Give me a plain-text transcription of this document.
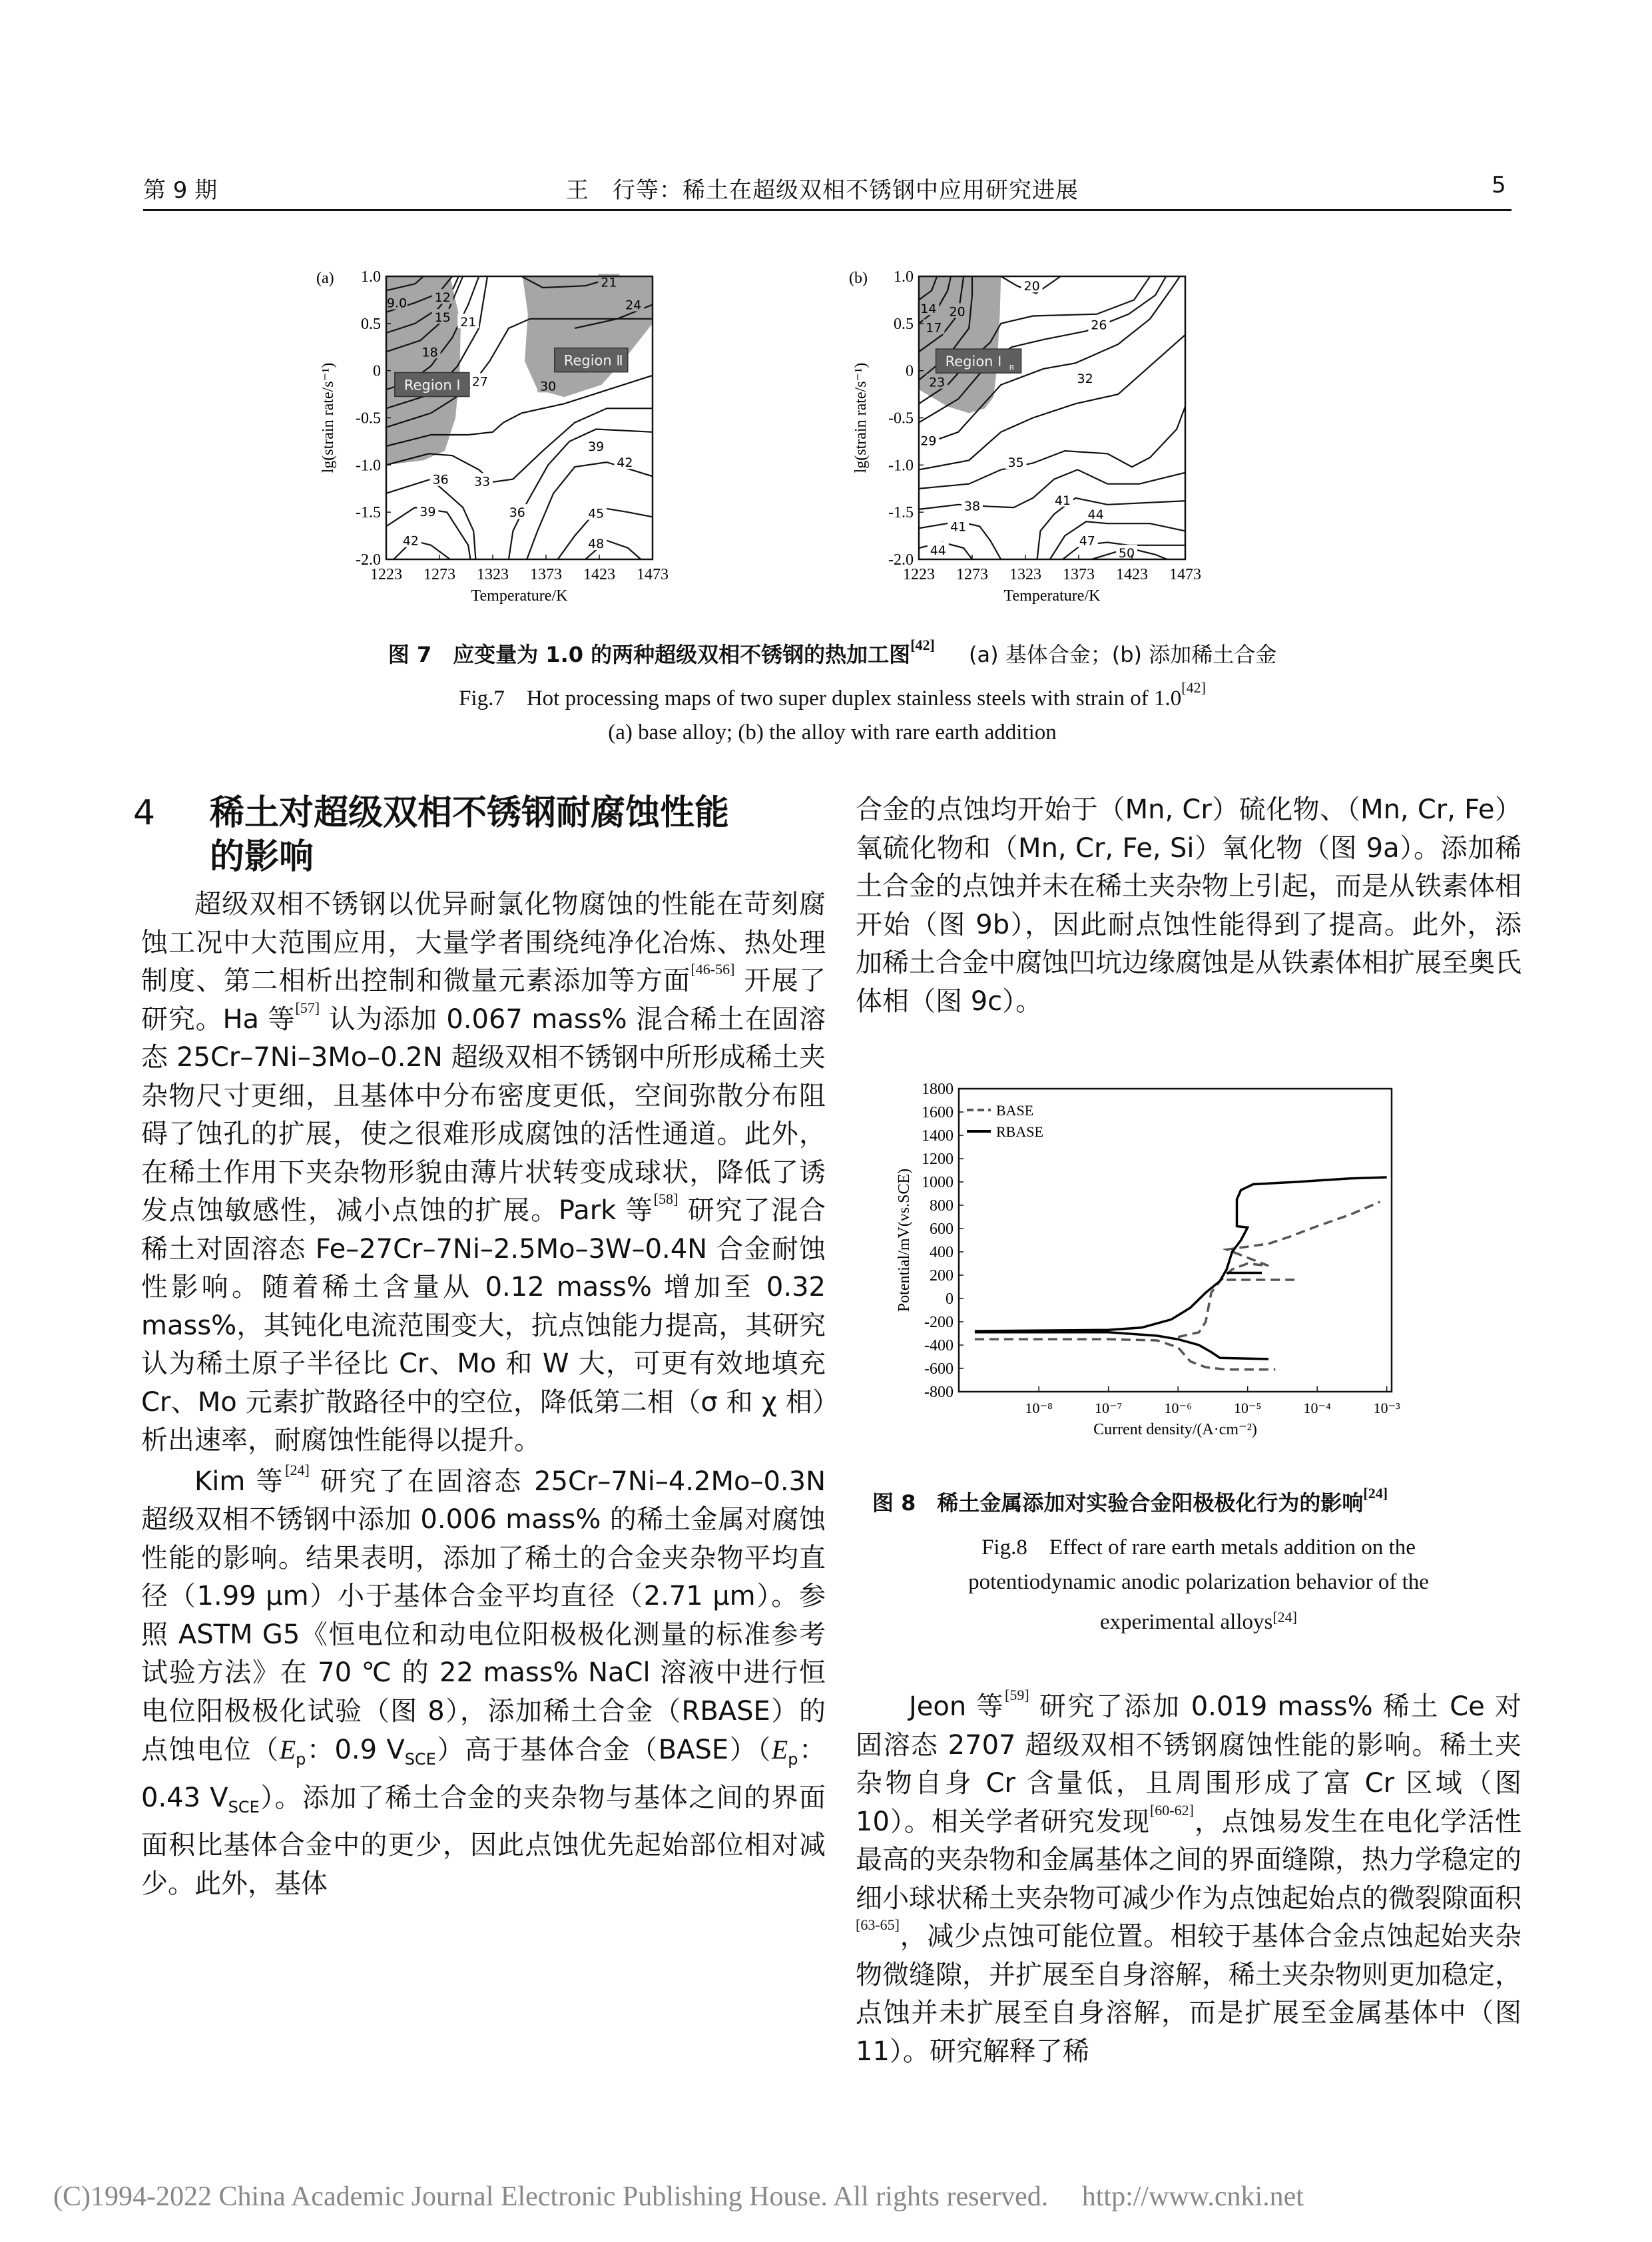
第 9 期	王　行等：稀土在超级双相不锈钢中应用研究进展	5
9.0 12
15
18
21
21
24
27	30
33
36
36
39
39
42
42
45
48
Region Ⅰ
Region Ⅱ
1223 1273 1323 1373 1423 1473
1.0
0.5
0
-0.5
-1.0
-1.5
-2.0
(a)
Temperature/K
lg(strain rate/s⁻¹)
14
17
20
23
20
26
29
32
35
38
41
41
44
44
47
50
Region Ⅰ R
1223 1273 1323 1373 1423 1473
1.0
0.5
0
-0.5
-1.0
-1.5
-2.0
(b)
Temperature/K
lg(strain rate/s⁻¹)
图 7　应变量为 1.0 的两种超级双相不锈钢的热加工图[42] (a) 基体合金；(b) 添加稀土合金
Fig.7　Hot processing maps of two super duplex stainless steels with strain of 1.0[42]
(a) base alloy; (b) the alloy with rare earth addition
4 稀土对超级双相不锈钢耐腐蚀性能
的影响

超级双相不锈钢以优异耐氯化物腐蚀的性能在苛刻腐蚀工况中大范围应用，大量学者围绕纯净化冶炼、热处理制度、第二相析出控制和微量元素添加等方面[46-56] 开展了研究。Ha 等[57] 认为添加 0.067 mass% 混合稀土在固溶态 25Cr–7Ni–3Mo–0.2N 超级双相不锈钢中所形成稀土夹杂物尺寸更细，且基体中分布密度更低，空间弥散分布阻碍了蚀孔的扩展，使之很难形成腐蚀的活性通道。此外，在稀土作用下夹杂物形貌由薄片状转变成球状，降低了诱发点蚀敏感性，减小点蚀的扩展。Park 等[58] 研究了混合稀土对固溶态 Fe–27Cr–7Ni–2.5Mo–3W–0.4N 合金耐蚀性影响。随着稀土含量从 0.12 mass% 增加至 0.32 mass%，其钝化电流范围变大，抗点蚀能力提高，其研究认为稀土原子半径比 Cr、Mo 和 W 大，可更有效地填充 Cr、Mo 元素扩散路径中的空位，降低第二相（σ 和 χ 相）析出速率，耐腐蚀性能得以提升。

Kim 等[24] 研究了在固溶态 25Cr–7Ni–4.2Mo–0.3N 超级双相不锈钢中添加 0.006 mass% 的稀土金属对腐蚀性能的影响。结果表明，添加了稀土的合金夹杂物平均直径（1.99 μm）小于基体合金平均直径（2.71 μm）。参照 ASTM G5《恒电位和动电位阳极极化测量的标准参考试验方法》在 70 ℃ 的 22 mass% NaCl 溶液中进行恒电位阳极极化试验（图 8），添加稀土合金（RBASE）的点蚀电位（$E_p$：0.9 $V_{SCE}$）高于基体合金$(BASE)(E_p$：0.43 $V_{SCE}$）。添加了稀土合金的夹杂物与基体之间的界面面积比基体合金中的更少，因此点蚀优先起始部位相对减少。此外，基体

合金的点蚀均开始于（Mn, Cr）硫化物、（Mn, Cr, Fe）氧硫化物和（Mn, Cr, Fe, Si）氧化物（图 9a）。添加稀土合金的点蚀并未在稀土夹杂物上引起，而是从铁素体相开始（图 9b），因此耐点蚀性能得到了提高。此外，添加稀土合金中腐蚀凹坑边缘腐蚀是从铁素体相扩展至奥氏体相（图 9c）。

1800
1600
1400
1200
1000
800
600
400
200
0
-200
-400
-600
-800
10⁻⁸	10⁻⁷	10⁻⁶	10⁻⁵	10⁻⁴	10⁻³
Current density/(A·cm⁻²)
Potential/mV(vs.SCE)
BASE
RBASE
图 8　稀土金属添加对实验合金阳极极化行为的影响[24]
Fig.8　Effect of rare earth metals addition on the
potentiodynamic anodic polarization behavior of the
experimental alloys[24]

Jeon 等[59] 研究了添加 0.019 mass% 稀土 Ce 对固溶态 2707 超级双相不锈钢腐蚀性能的影响。稀土夹杂物自身 Cr 含量低，且周围形成了富 Cr 区域（图 10）。相关学者研究发现[60-62]，点蚀易发生在电化学活性最高的夹杂物和金属基体之间的界面缝隙，热力学稳定的细小球状稀土夹杂物可减少作为点蚀起始点的微裂隙面积[63-65]，减少点蚀可能位置。相较于基体合金点蚀起始夹杂物微缝隙，并扩展至自身溶解，稀土夹杂物则更加稳定，点蚀并未扩展至自身溶解，而是扩展至金属基体中（图 11）。研究解释了稀

(C)1994-2022 China Academic Journal Electronic Publishing House. All rights reserved. http://www.cnki.net
